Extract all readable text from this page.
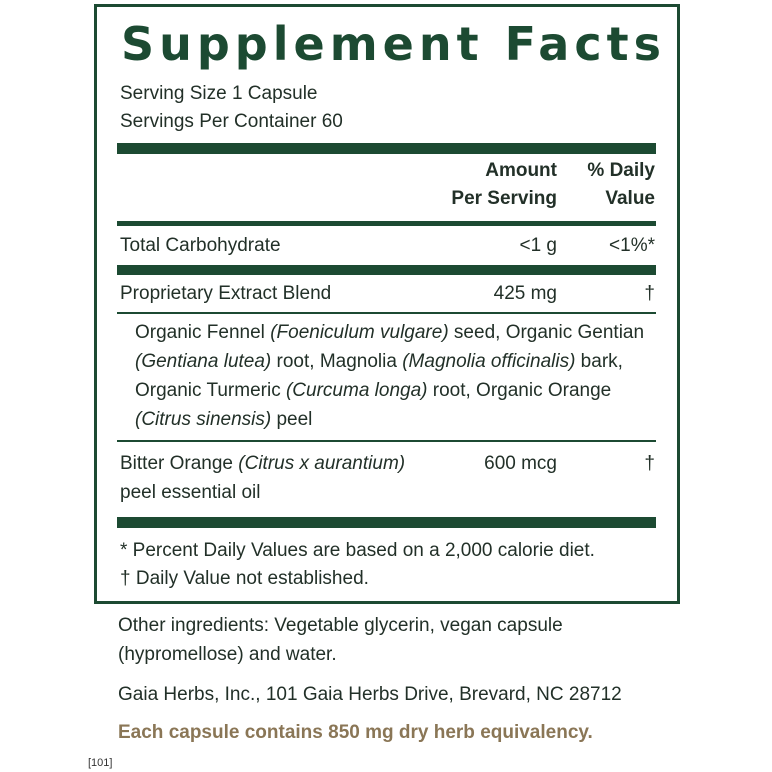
Supplement Facts
Serving Size 1 Capsule
Servings Per Container 60
Amount
Per Serving
% Daily
Value
Total Carbohydrate	<1 g	<1%*
Proprietary Extract Blend	425 mg	†
Organic Fennel (Foeniculum vulgare) seed, Organic Gentian (Gentiana lutea) root, Magnolia (Magnolia officinalis) bark, Organic Turmeric (Curcuma longa) root, Organic Orange (Citrus sinensis) peel
Bitter Orange (Citrus x aurantium)
peel essential oil
600 mcg	†
* Percent Daily Values are based on a 2,000 calorie diet.
† Daily Value not established.
Other ingredients: Vegetable glycerin, vegan capsule
(hypromellose) and water.
Gaia Herbs, Inc., 101 Gaia Herbs Drive, Brevard, NC 28712
Each capsule contains 850 mg dry herb equivalency.
[101]
